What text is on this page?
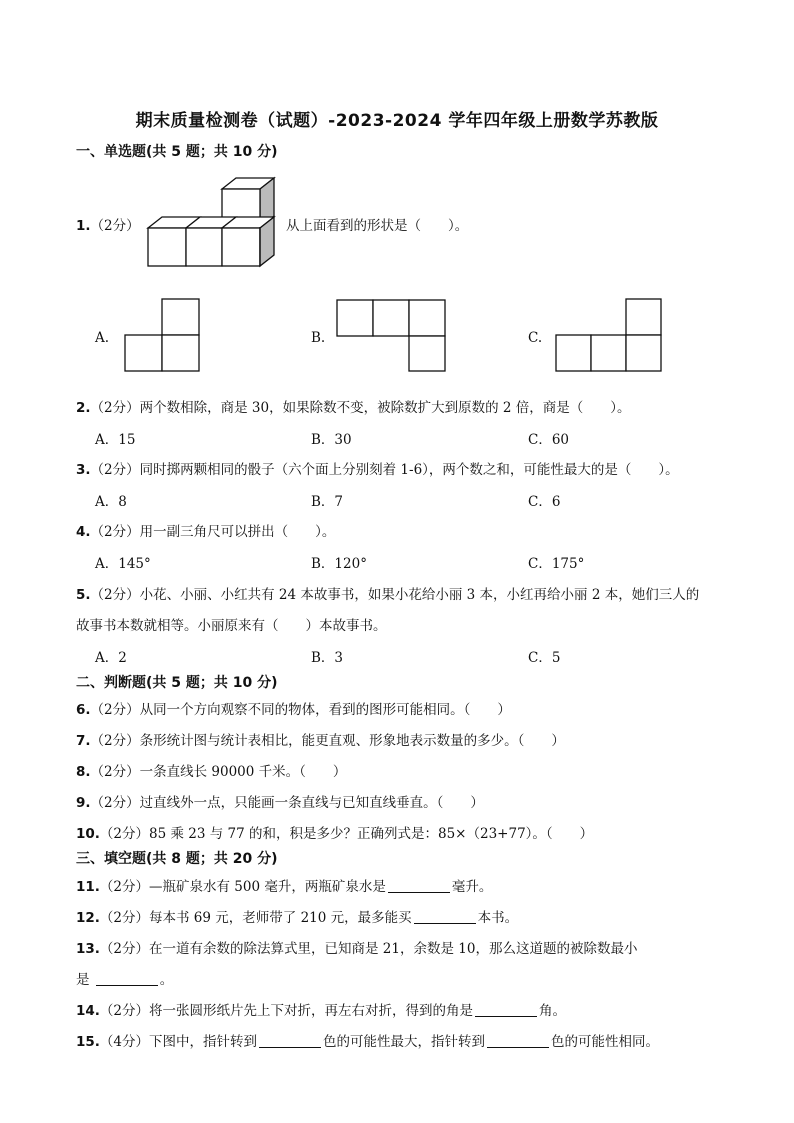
期末质量检测卷（试题）-2023-2024 学年四年级上册数学苏教版
一、单选题(共 5 题；共 10 分)
1.（2分）	从上面看到的形状是（　　）。
A.	B.	C.
2.（2分）两个数相除，商是 30，如果除数不变，被除数扩大到原数的 2 倍，商是（　　）。
A．15	B．30	C．60
3.（2分）同时掷两颗相同的骰子（六个面上分别刻着 1-6），两个数之和，可能性最大的是（　　）。
A．8	B．7	C．6
4.（2分）用一副三角尺可以拼出（　　）。
A．145°	B．120°	C．175°
5.（2分）小花、小丽、小红共有 24 本故事书，如果小花给小丽 3 本，小红再给小丽 2 本，她们三人的
故事书本数就相等。小丽原来有（　　）本故事书。
A．2	B．3	C．5
二、判断题(共 5 题；共 10 分)
6.（2分）从同一个方向观察不同的物体，看到的图形可能相同。（　　）
7.（2分）条形统计图与统计表相比，能更直观、形象地表示数量的多少。（　　）
8.（2分）一条直线长 90000 千米。（　　）
9.（2分）过直线外一点，只能画一条直线与已知直线垂直。（　　）
10.（2分）85 乘 23 与 77 的和，积是多少？正确列式是：85×（23+77）。（　　）
三、填空题(共 8 题；共 20 分)
11.（2分）—瓶矿泉水有 500 毫升，两瓶矿泉水是	毫升。
12.（2分）每本书 69 元，老师带了 210 元，最多能买	本书。
13.（2分）在一道有余数的除法算式里，已知商是 21，余数是 10，那么这道题的被除数最小
是	。
14.（2分）将一张圆形纸片先上下对折，再左右对折，得到的角是	角。
15.（4分）下图中，指针转到	色的可能性最大，指针转到	色的可能性相同。
